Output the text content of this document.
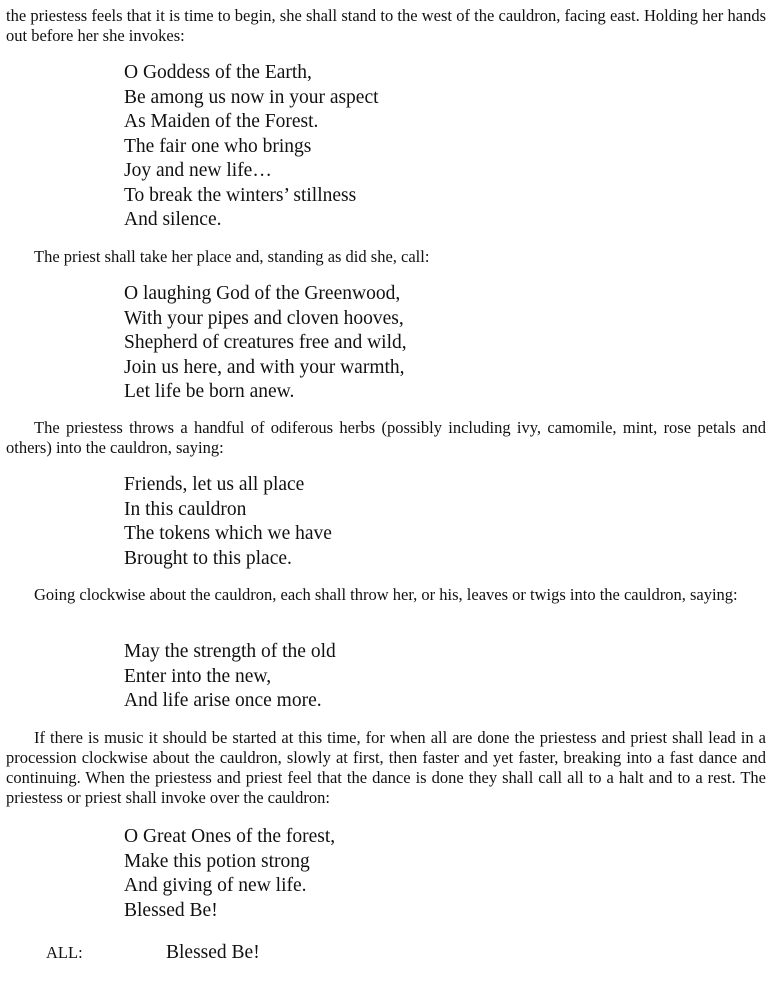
the priestess feels that it is time to begin, she shall stand to the west of the cauldron, facing east. Holding her hands out before her she invokes:

O Goddess of the Earth,
Be among us now in your aspect
As Maiden of the Forest.
The fair one who brings
Joy and new life…
To break the winters’ stillness
And silence.

The priest shall take her place and, standing as did she, call:

O laughing God of the Greenwood,
With your pipes and cloven hooves,
Shepherd of creatures free and wild,
Join us here, and with your warmth,
Let life be born anew.

The priestess throws a handful of odiferous herbs (possibly including ivy, camomile, mint, rose petals and others) into the cauldron, saying:

Friends, let us all place
In this cauldron
The tokens which we have
Brought to this place.

Going clockwise about the cauldron, each shall throw her, or his, leaves or twigs into the cauldron, saying:

May the strength of the old
Enter into the new,
And life arise once more.

If there is music it should be started at this time, for when all are done the priestess and priest shall lead in a procession clockwise about the cauldron, slowly at first, then faster and yet faster, breaking into a fast dance and continuing. When the priestess and priest feel that the dance is done they shall call all to a halt and to a rest. The priestess or priest shall invoke over the cauldron:

O Great Ones of the forest,
Make this potion strong
And giving of new life.
Blessed Be!
ALL:	Blessed Be!
